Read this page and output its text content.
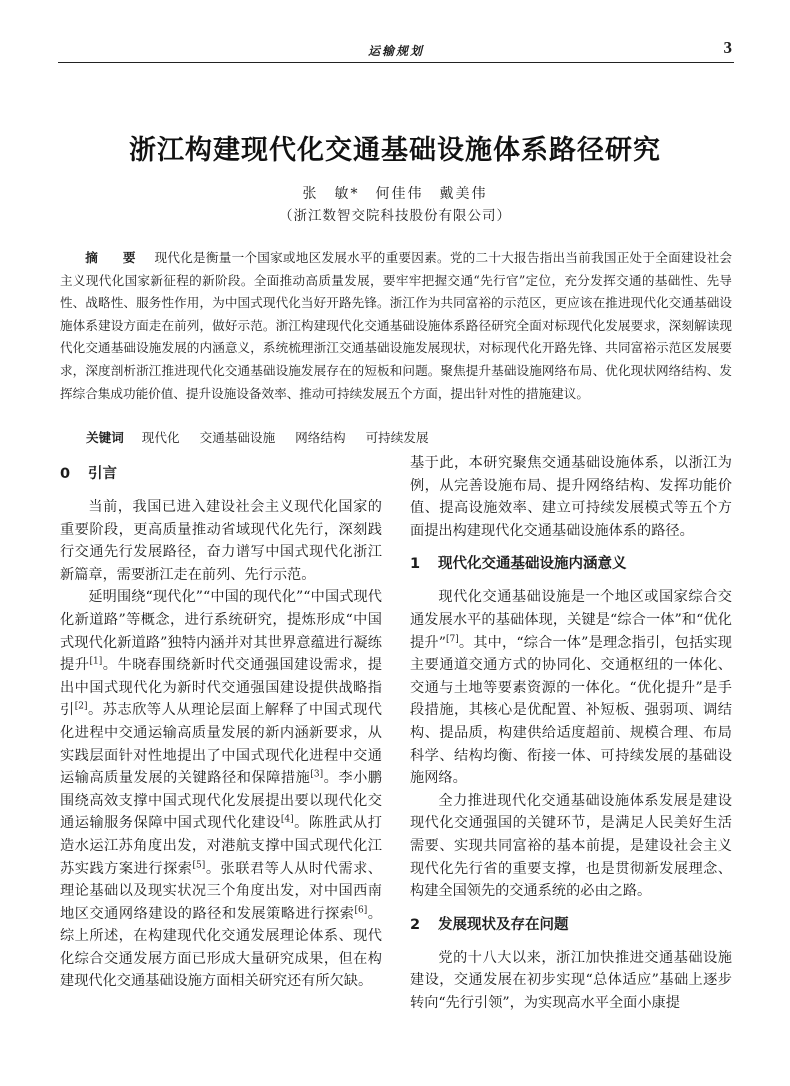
运输规划	3
浙江构建现代化交通基础设施体系路径研究
张　敏*　何佳伟　戴美伟
（浙江数智交院科技股份有限公司）
摘　要　 现代化是衡量一个国家或地区发展水平的重要因素。党的二十大报告指出当前我国正处于全面建设社会主义现代化国家新征程的新阶段。全面推动高质量发展，要牢牢把握交通“先行官”定位，充分发挥交通的基础性、先导性、战略性、服务性作用，为中国式现代化当好开路先锋。浙江作为共同富裕的示范区，更应该在推进现代化交通基础设施体系建设方面走在前列，做好示范。浙江构建现代化交通基础设施体系路径研究全面对标现代化发展要求，深刻解读现代化交通基础设施发展的内涵意义，系统梳理浙江交通基础设施发展现状，对标现代化开路先锋、共同富裕示范区发展要求，深度剖析浙江推进现代化交通基础设施发展存在的短板和问题。聚焦提升基础设施网络布局、优化现状网络结构、发挥综合集成功能价值、提升设施设备效率、推动可持续发展五个方面，提出针对性的措施建议。
关键词 现代化 交通基础设施 网络结构 可持续发展
0 引言

当前，我国已进入建设社会主义现代化国家的重要阶段，更高质量推动省域现代化先行，深刻践行交通先行发展路径，奋力谱写中国式现代化浙江新篇章，需要浙江走在前列、先行示范。

延明围绕“现代化”“中国的现代化”“中国式现代化新道路”等概念，进行系统研究，提炼形成“中国式现代化新道路”独特内涵并对其世界意蕴进行凝练提升[1]。牛晓春围绕新时代交通强国建设需求，提出中国式现代化为新时代交通强国建设提供战略指引[2]。苏志欣等人从理论层面上解释了中国式现代化进程中交通运输高质量发展的新内涵新要求，从实践层面针对性地提出了中国式现代化进程中交通运输高质量发展的关键路径和保障措施[3]。李小鹏围绕高效支撑中国式现代化发展提出要以现代化交通运输服务保障中国式现代化建设[4]。陈胜武从打造水运江苏角度出发，对港航支撑中国式现代化江苏实践方案进行探索[5]。张联君等人从时代需求、理论基础以及现实状况三个角度出发，对中国西南地区交通网络建设的路径和发展策略进行探索[6]。综上所述，在构建现代化交通发展理论体系、现代化综合交通发展方面已形成大量研究成果，但在构建现代化交通基础设施方面相关研究还有所欠缺。

基于此，本研究聚焦交通基础设施体系，以浙江为例，从完善设施布局、提升网络结构、发挥功能价值、提高设施效率、建立可持续发展模式等五个方面提出构建现代化交通基础设施体系的路径。

1 现代化交通基础设施内涵意义

现代化交通基础设施是一个地区或国家综合交通发展水平的基础体现，关键是“综合一体”和“优化提升”[7]。其中，“综合一体”是理念指引，包括实现主要通道交通方式的协同化、交通枢纽的一体化、交通与土地等要素资源的一体化。“优化提升”是手段措施，其核心是优配置、补短板、强弱项、调结构、提品质，构建供给适度超前、规模合理、布局科学、结构均衡、衔接一体、可持续发展的基础设施网络。

全力推进现代化交通基础设施体系发展是建设现代化交通强国的关键环节，是满足人民美好生活需要、实现共同富裕的基本前提，是建设社会主义现代化先行省的重要支撑，也是贯彻新发展理念、构建全国领先的交通系统的必由之路。

2 发展现状及存在问题

党的十八大以来，浙江加快推进交通基础设施建设，交通发展在初步实现“总体适应”基础上逐步转向“先行引领”，为实现高水平全面小康提
